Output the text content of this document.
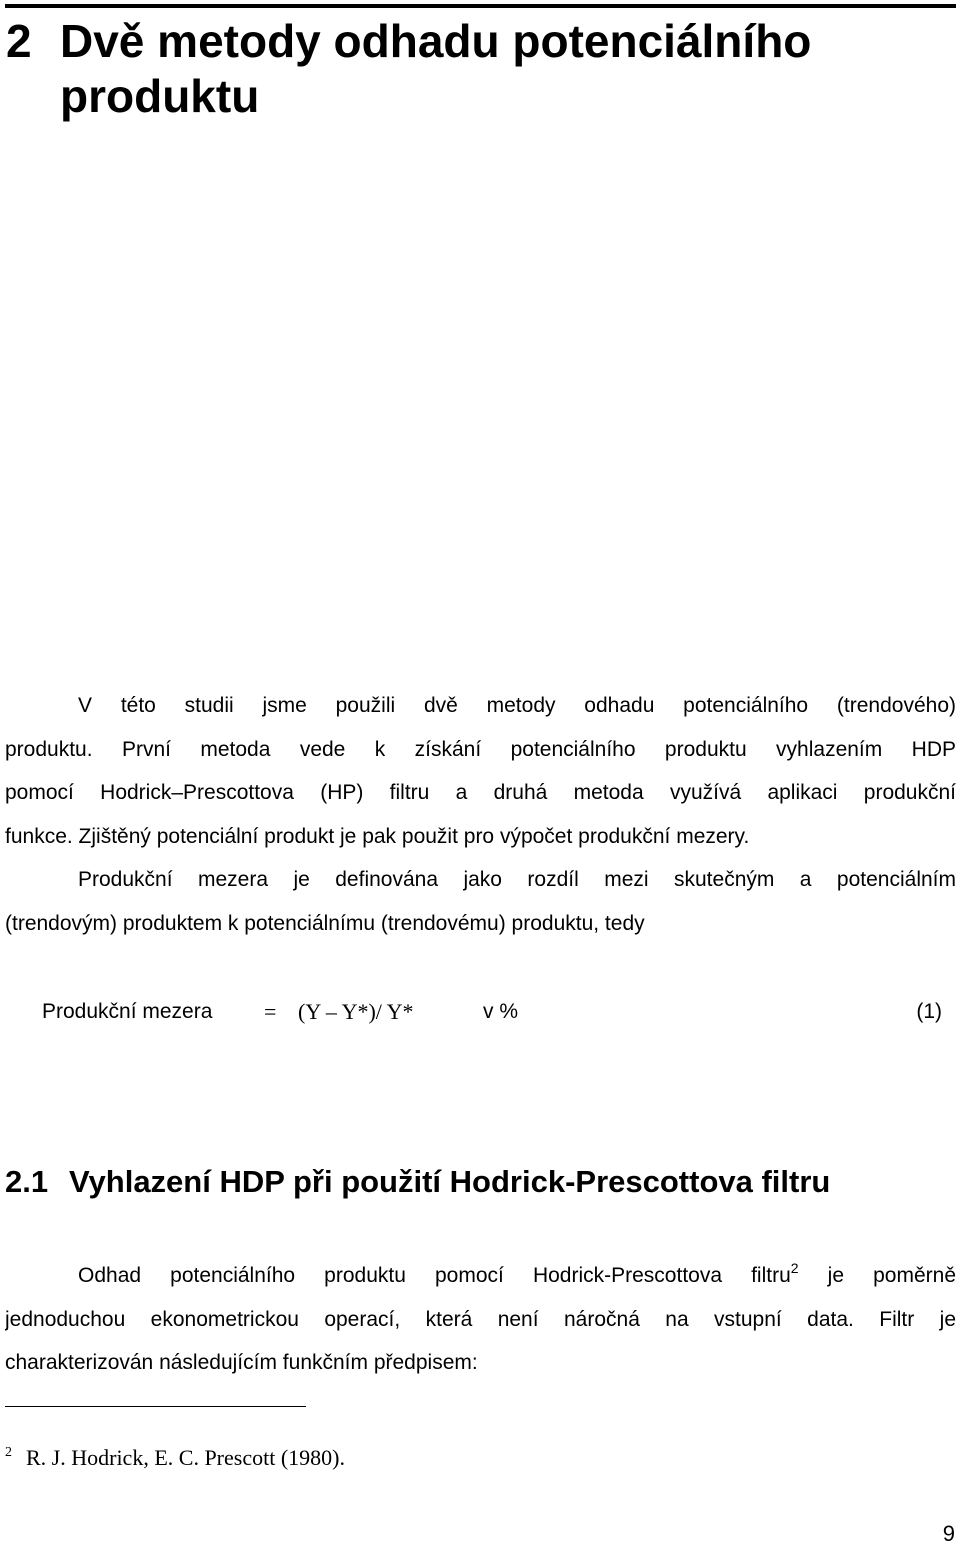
2 Dvě metody odhadu potenciálního
produktu
V této studii jsme použili dvě metody odhadu potenciálního (trendového)
produktu. První metoda vede k získání potenciálního produktu vyhlazením HDP
pomocí Hodrick–Prescottova (HP) filtru a druhá metoda využívá aplikaci produkční
funkce. Zjištěný potenciální produkt je pak použit pro výpočet produkční mezery.
Produkční mezera je definována jako rozdíl mezi skutečným a potenciálním
(trendovým) produktem k potenciálnímu (trendovému) produktu, tedy
Produkční mezera = (Y – Y*)/ Y*	v %	(1)
2.1 Vyhlazení HDP při použití Hodrick-Prescottova filtru
Odhad potenciálního produktu pomocí Hodrick-Prescottova filtru$^2$ je poměrně
jednoduchou ekonometrickou operací, která není náročná na vstupní data. Filtr je
charakterizován následujícím funkčním předpisem:
2 R. J. Hodrick, E. C. Prescott (1980).
9
